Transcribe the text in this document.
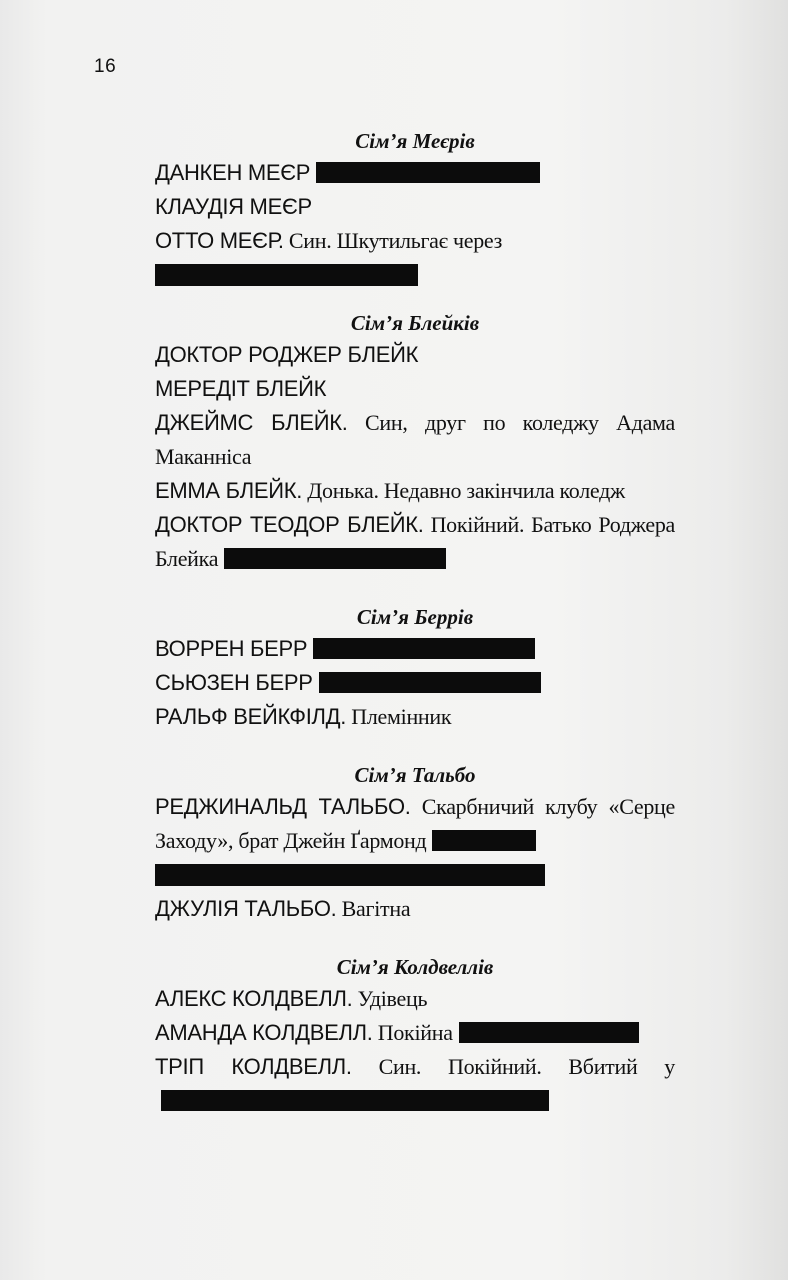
16
Сім’я Меєрів
ДАНКЕН МЕЄР
КЛАУДІЯ МЕЄР
ОТТО МЕЄР. Син. Шкутильгає через
Сім’я Блейків
ДОКТОР РОДЖЕР БЛЕЙК
МЕРЕДІТ БЛЕЙК
ДЖЕЙМС БЛЕЙК. Син, друг по коледжу Адама Маканніса
ЕММА БЛЕЙК. Донька. Недавно закінчила коледж
ДОКТОР ТЕОДОР БЛЕЙК. Покійний. Батько Роджера Блейка
Сім’я Беррів
ВОРРЕН БЕРР
СЬЮЗЕН БЕРР
РАЛЬФ ВЕЙКФІЛД. Племінник
Сім’я Тальбо
РЕДЖИНАЛЬД ТАЛЬБО. Скарбничий клубу «Серце Заходу», брат Джейн Ґармонд
ДЖУЛІЯ ТАЛЬБО. Вагітна
Сім’я Колдвеллів
АЛЕКС КОЛДВЕЛЛ. Удівець
АМАНДА КОЛДВЕЛЛ. Покійна
ТРІП КОЛДВЕЛЛ. Син. Покійний. Вбитий у
